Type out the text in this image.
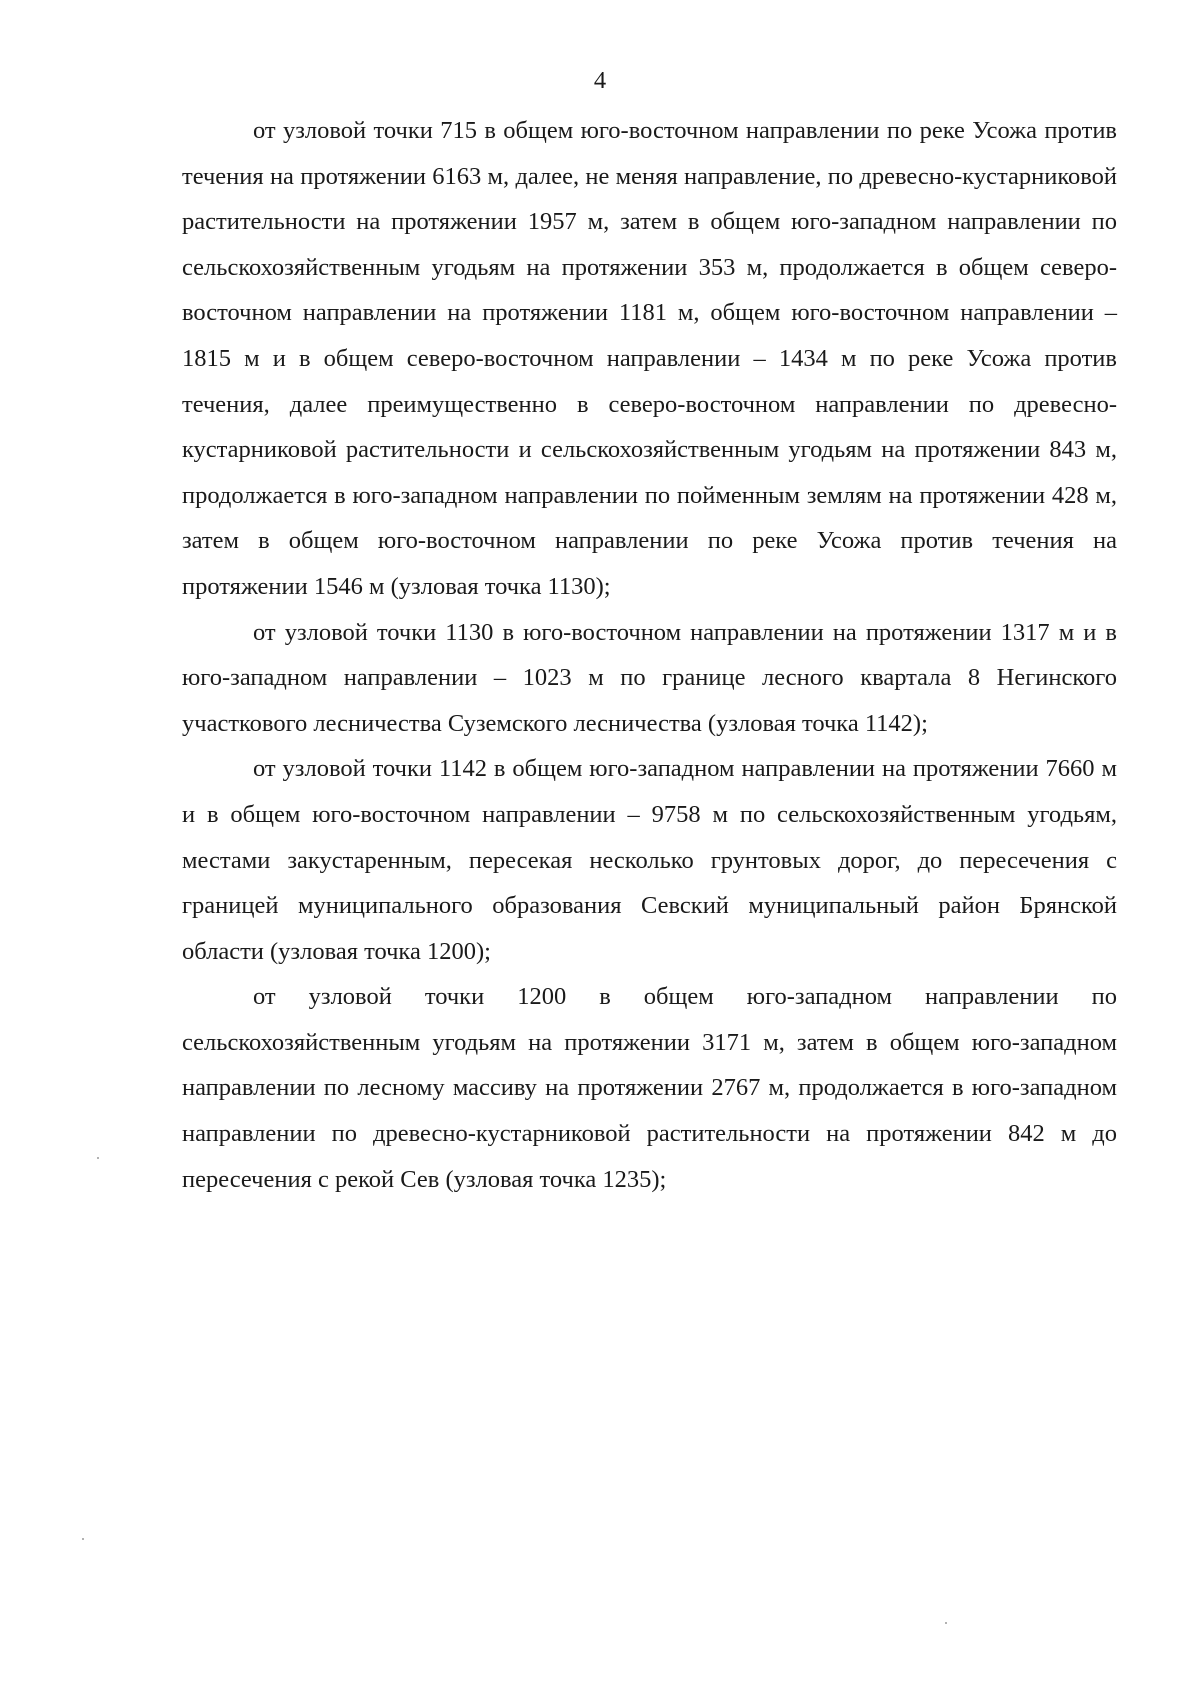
4

от узловой точки 715 в общем юго-восточном направлении по реке Усожа против течения на протяжении 6163 м, далее, не меняя направление, по древесно-кустарниковой растительности на протяжении 1957 м, затем в общем юго-западном направлении по сельскохозяйственным угодьям на протяжении 353 м, продолжается в общем северо-восточном направлении на протяжении 1181 м, общем юго-восточном направлении – 1815 м и в общем северо-восточном направлении – 1434 м по реке Усожа против течения, далее преимущественно в северо-восточном направлении по древесно-кустарниковой растительности и сельскохозяйственным угодьям на протяжении 843 м, продолжается в юго-западном направлении по пойменным землям на протяжении 428 м, затем в общем юго-восточном направлении по реке Усожа против течения на протяжении 1546 м (узловая точка 1130);

от узловой точки 1130 в юго-восточном направлении на протяжении 1317 м и в юго-западном направлении – 1023 м по границе лесного квартала 8 Негинского участкового лесничества Суземского лесничества (узловая точка 1142);

от узловой точки 1142 в общем юго-западном направлении на протяжении 7660 м и в общем юго-восточном направлении – 9758 м по сельскохозяйственным угодьям, местами закустаренным, пересекая несколько грунтовых дорог, до пересечения с границей муниципального образования Севский муниципальный район Брянской области (узловая точка 1200);

от узловой точки 1200 в общем юго-западном направлении по сельскохозяйственным угодьям на протяжении 3171 м, затем в общем юго-западном направлении по лесному массиву на протяжении 2767 м, продолжается в юго-западном направлении по древесно-кустарниковой растительности на протяжении 842 м до пересечения с рекой Сев (узловая точка 1235);
